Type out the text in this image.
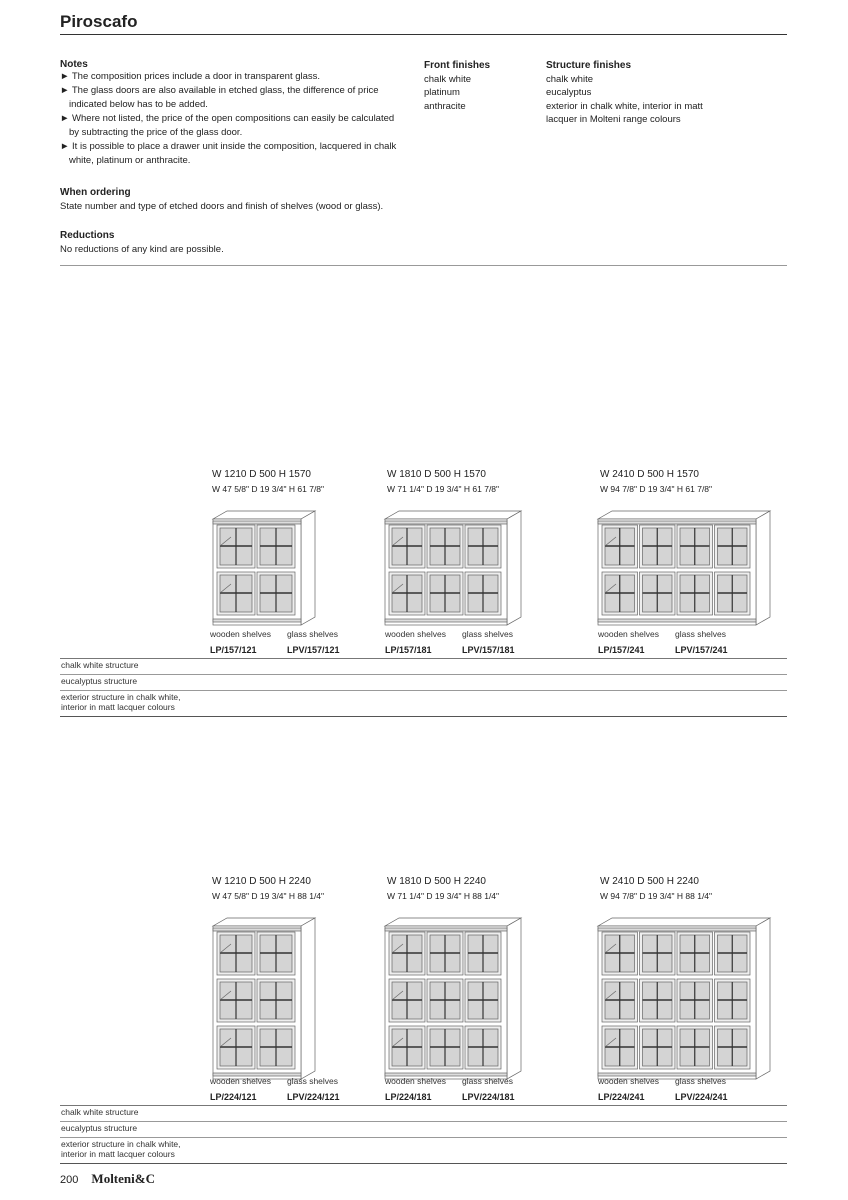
Piroscafo
Notes
► The composition prices include a door in transparent glass.
► The glass doors are also available in etched glass, the difference of price indicated below has to be added.
► Where not listed, the price of the open compositions can easily be calculated by subtracting the price of the glass door.
► It is possible to place a drawer unit inside the composition, lacquered in chalk white, platinum or anthracite.
Front finishes
chalk white
platinum
anthracite
Structure finishes
chalk white
eucalyptus
exterior in chalk white, interior in matt
lacquer in Molteni range colours
When ordering
State number and type of etched doors and finish of shelves (wood or glass).
Reductions
No reductions of any kind are possible.
W 1210 D 500 H 1570
W 47 5/8" D 19 3/4" H 61 7/8"
wooden shelves glass shelves
LP/157/121	LPV/157/121
W 1810 D 500 H 1570
W 71 1/4" D 19 3/4" H 61 7/8"
wooden shelves glass shelves
LP/157/181	LPV/157/181
W 2410 D 500 H 1570
W 94 7/8" D 19 3/4" H 61 7/8"
wooden shelves glass shelves
LP/157/241	LPV/157/241
chalk white structure
eucalyptus structure
exterior structure in chalk white,
interior in matt lacquer colours
W 1210 D 500 H 2240
W 47 5/8" D 19 3/4" H 88 1/4"
wooden shelves glass shelves
LP/224/121	LPV/224/121
W 1810 D 500 H 2240
W 71 1/4" D 19 3/4" H 88 1/4"
wooden shelves glass shelves
LP/224/181	LPV/224/181
W 2410 D 500 H 2240
W 94 7/8" D 19 3/4" H 88 1/4"
wooden shelves glass shelves
LP/224/241	LPV/224/241
chalk white structure
eucalyptus structure
exterior structure in chalk white,
interior in matt lacquer colours
200 Molteni&C
